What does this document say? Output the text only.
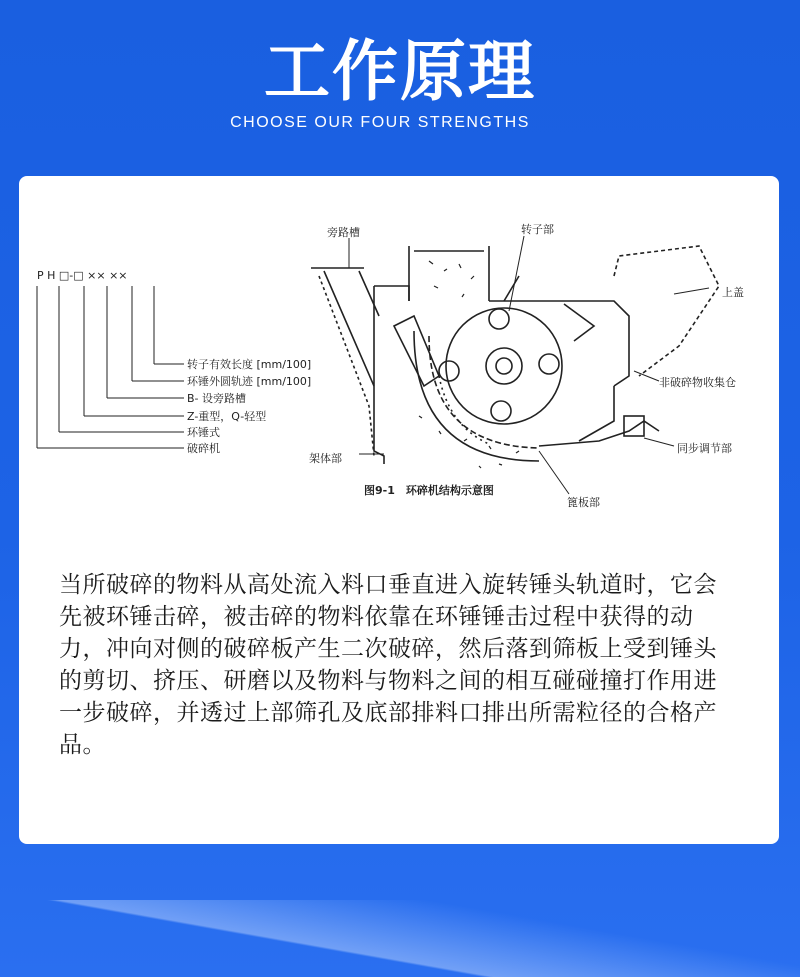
工作原理
CHOOSE OUR FOUR STRENGTHS
P H □-□ ×× ××
转子有效长度 [mm/100]
环锤外圆轨迹 [mm/100]
B- 设旁路槽
Z-重型，Q-轻型
环锤式
破碎机
旁路槽	转子部
上盖
非破碎物收集仓
同步调节部
架体部
篦板部
图9-1　环碎机结构示意图
当所破碎的物料从高处流入料口垂直进入旋转锤头轨道时，它会先被环锤击碎，被击碎的物料依靠在环锤锤击过程中获得的动力，冲向对侧的破碎板产生二次破碎，然后落到筛板上受到锤头的剪切、挤压、研磨以及物料与物料之间的相互碰碰撞打作用进一步破碎，并透过上部筛孔及底部排料口排出所需粒径的合格产品。
